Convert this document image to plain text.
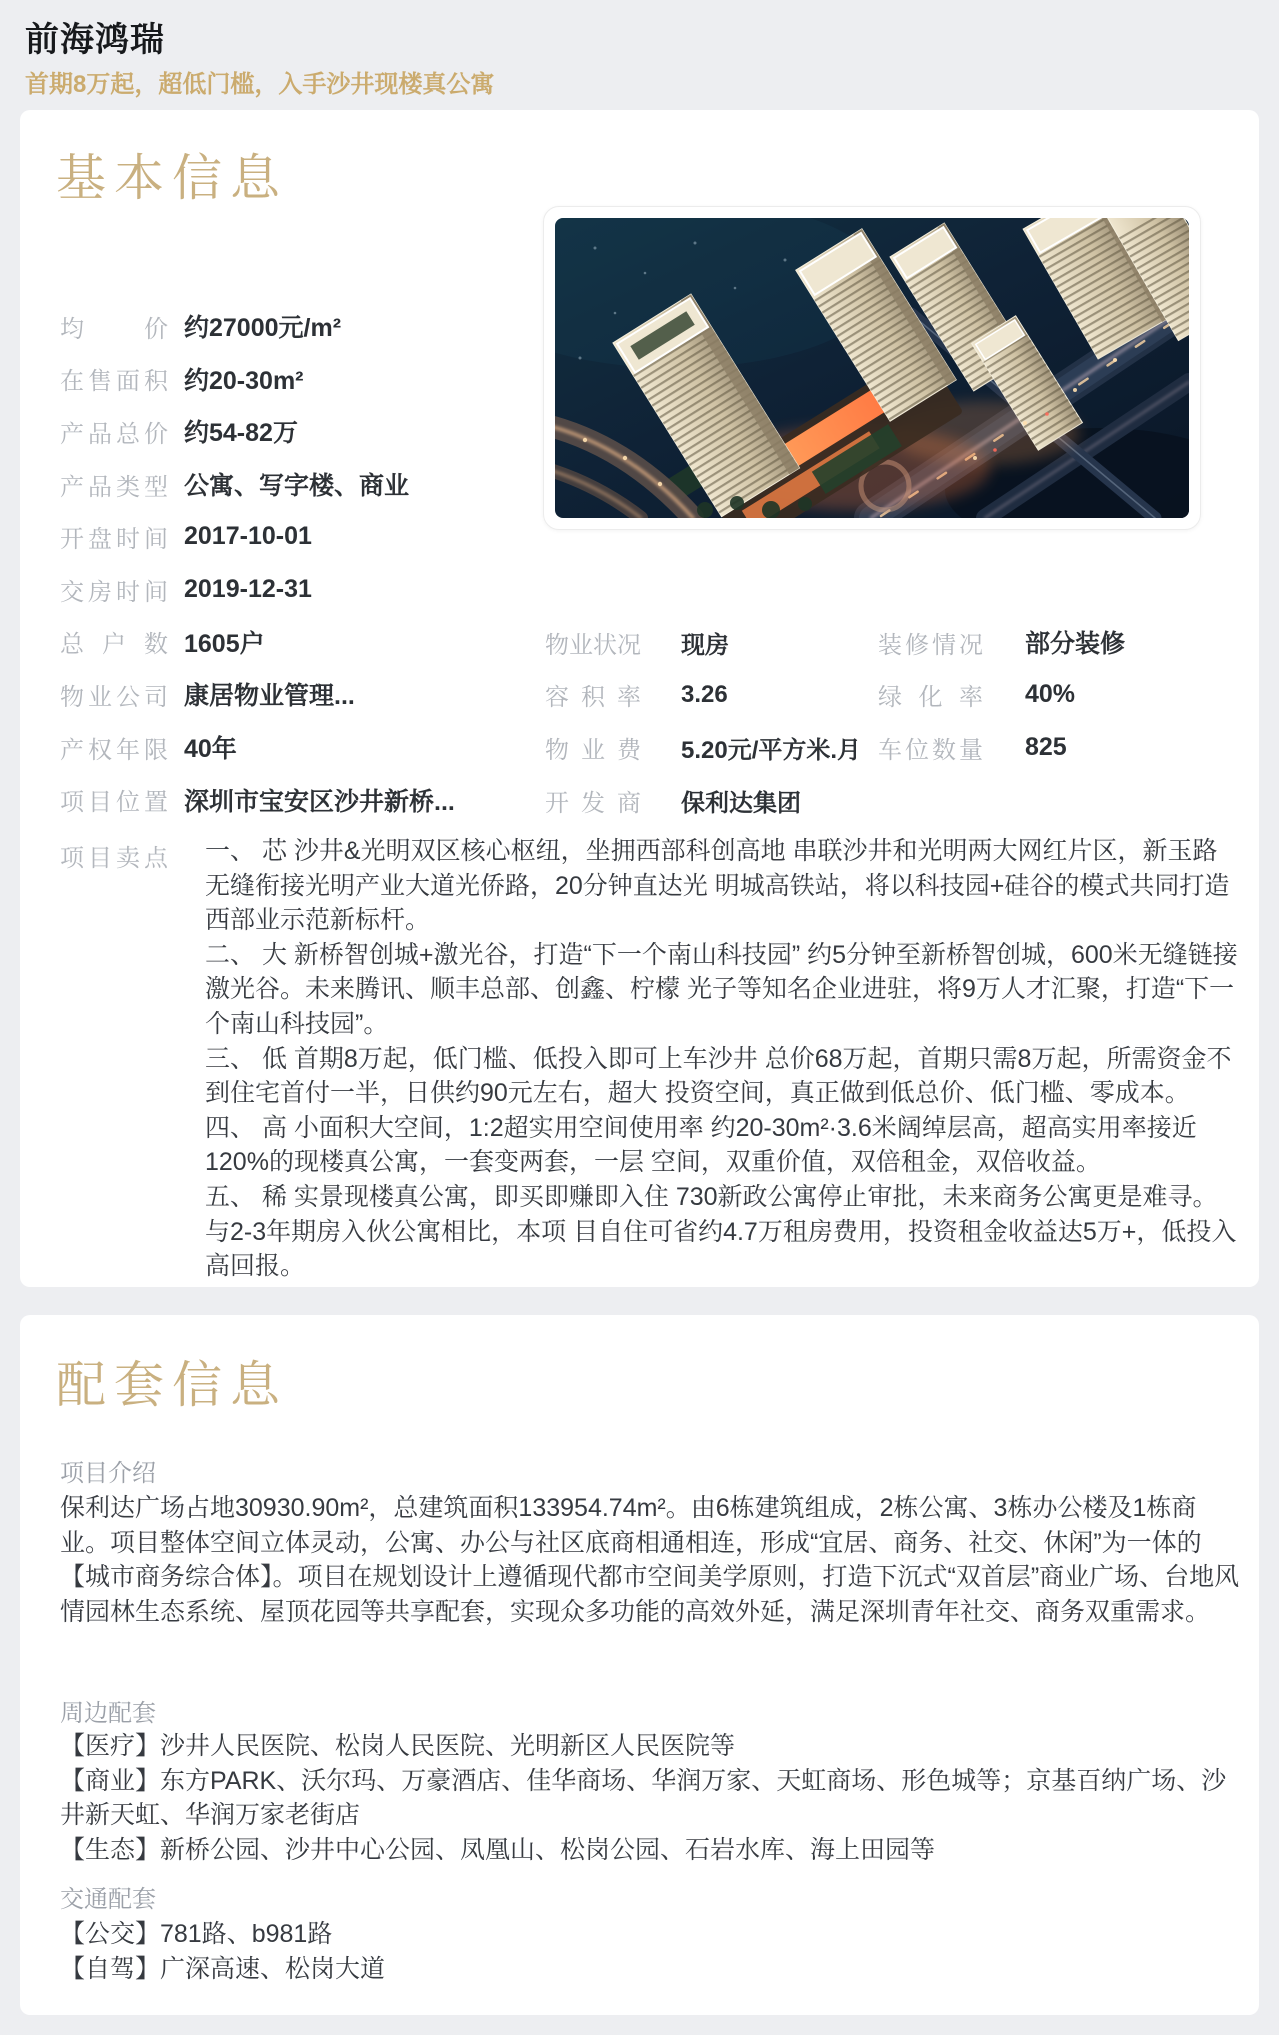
前海鸿瑞
首期8万起，超低门槛，入手沙井现楼真公寓
基本信息
均价 约27000元/m²
在售面积 约20-30m²
产品总价 约54-82万
产品类型 公寓、写字楼、商业
开盘时间 2017-10-01
交房时间 2019-12-31
总户数 1605户
物业公司 康居物业管理...
产权年限 40年
项目位置 深圳市宝安区沙井新桥...
物业状况 现房
容积率 3.26
物业费 5.20元/平方米.月
开发商 保利达集团
装修情况 部分装修
绿化率 40%
车位数量 825
项目卖点 一、 芯 沙井&光明双区核心枢纽，坐拥西部科创高地 串联沙井和光明两大网红片区，新玉路无缝衔接光明产业大道光侨路，20分钟直达光 明城高铁站，将以科技园+硅谷的模式共同打造西部业示范新标杆。

二、 大 新桥智创城+激光谷，打造“下一个南山科技园” 约5分钟至新桥智创城，600米无缝链接激光谷。未来腾讯、顺丰总部、创鑫、柠檬 光子等知名企业进驻，将9万人才汇聚，打造“下一个南山科技园”。

三、 低 首期8万起，低门槛、低投入即可上车沙井 总价68万起，首期只需8万起，所需资金不到住宅首付一半，日供约90元左右，超大 投资空间，真正做到低总价、低门槛、零成本。

四、 高 小面积大空间，1:2超实用空间使用率 约20-30m²·3.6米阔绰层高，超高实用率接近120%的现楼真公寓，一套变两套，一层 空间，双重价值，双倍租金，双倍收益。

五、 稀 实景现楼真公寓，即买即赚即入住 730新政公寓停止审批，未来商务公寓更是难寻。与2-3年期房入伙公寓相比，本项 目自住可省约4.7万租房费用，投资租金收益达5万+，低投入高回报。

配套信息
项目介绍

保利达广场占地30930.90m²，总建筑面积133954.74m²。由6栋建筑组成，2栋公寓、3栋办公楼及1栋商业。项目整体空间立体灵动，公寓、办公与社区底商相通相连，形成“宜居、商务、社交、休闲”为一体的【城市商务综合体】。项目在规划设计上遵循现代都市空间美学原则，打造下沉式“双首层”商业广场、台地风情园林生态系统、屋顶花园等共享配套，实现众多功能的高效外延，满足深圳青年社交、商务双重需求。

周边配套

【医疗】沙井人民医院、松岗人民医院、光明新区人民医院等

【商业】东方PARK、沃尔玛、万豪酒店、佳华商场、华润万家、天虹商场、形色城等；京基百纳广场、沙井新天虹、华润万家老街店

【生态】新桥公园、沙井中心公园、凤凰山、松岗公园、石岩水库、海上田园等

交通配套

【公交】781路、b981路

【自驾】广深高速、松岗大道
